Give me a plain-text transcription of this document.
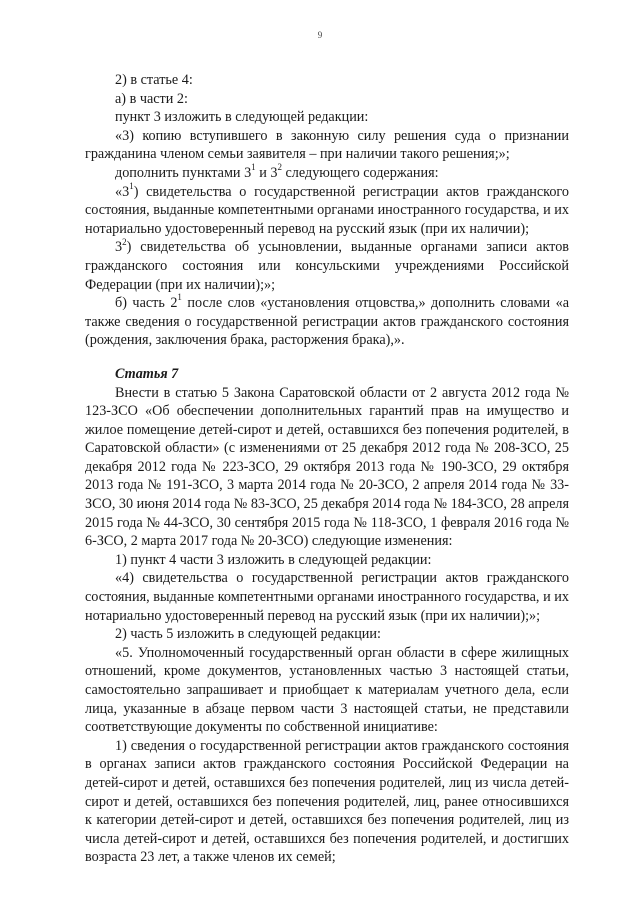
9

2) в статье 4:

а) в части 2:

пункт 3 изложить в следующей редакции:

«3) копию вступившего в законную силу решения суда о признании гражданина членом семьи заявителя – при наличии такого решения;»;

дополнить пунктами $3^1$ и $3^2$ следующего содержания:

«$3^1$) свидетельства о государственной регистрации актов гражданского состояния, выданные компетентными органами иностранного государства, и их нотариально удостоверенный перевод на русский язык (при их наличии);

$3^2$) свидетельства об усыновлении, выданные органами записи актов гражданского состояния или консульскими учреждениями Российской Федерации (при их наличии);»;

б) часть $2^1$ после слов «установления отцовства,» дополнить словами «а также сведения о государственной регистрации актов гражданского состояния (рождения, заключения брака, расторжения брака),».

Статья 7

Внести в статью 5 Закона Саратовской области от 2 августа 2012 года № 123-ЗСО «Об обеспечении дополнительных гарантий прав на имущество и жилое помещение детей-сирот и детей, оставшихся без попечения родителей, в Саратовской области» (с изменениями от 25 декабря 2012 года № 208-ЗСО, 25 декабря 2012 года № 223-ЗСО, 29 октября 2013 года № 190-ЗСО, 29 октября 2013 года № 191-ЗСО, 3 марта 2014 года № 20-ЗСО, 2 апреля 2014 года № 33-ЗСО, 30 июня 2014 года № 83-ЗСО, 25 декабря 2014 года № 184-ЗСО, 28 апреля 2015 года № 44-ЗСО, 30 сентября 2015 года № 118-ЗСО, 1 февраля 2016 года № 6-ЗСО, 2 марта 2017 года № 20-ЗСО) следующие изменения:

1) пункт 4 части 3 изложить в следующей редакции:

«4) свидетельства о государственной регистрации актов гражданского состояния, выданные компетентными органами иностранного государства, и их нотариально удостоверенный перевод на русский язык (при их наличии);»;

2) часть 5 изложить в следующей редакции:

«5. Уполномоченный государственный орган области в сфере жилищных отношений, кроме документов, установленных частью 3 настоящей статьи, самостоятельно запрашивает и приобщает к материалам учетного дела, если лица, указанные в абзаце первом части 3 настоящей статьи, не представили соответствующие документы по собственной инициативе:

1) сведения о государственной регистрации актов гражданского состояния в органах записи актов гражданского состояния Российской Федерации на детей-сирот и детей, оставшихся без попечения родителей, лиц из числа детей-сирот и детей, оставшихся без попечения родителей, лиц, ранее относившихся к категории детей-сирот и детей, оставшихся без попечения родителей, лиц из числа детей-сирот и детей, оставшихся без попечения родителей, и достигших возраста 23 лет, а также членов их семей;
